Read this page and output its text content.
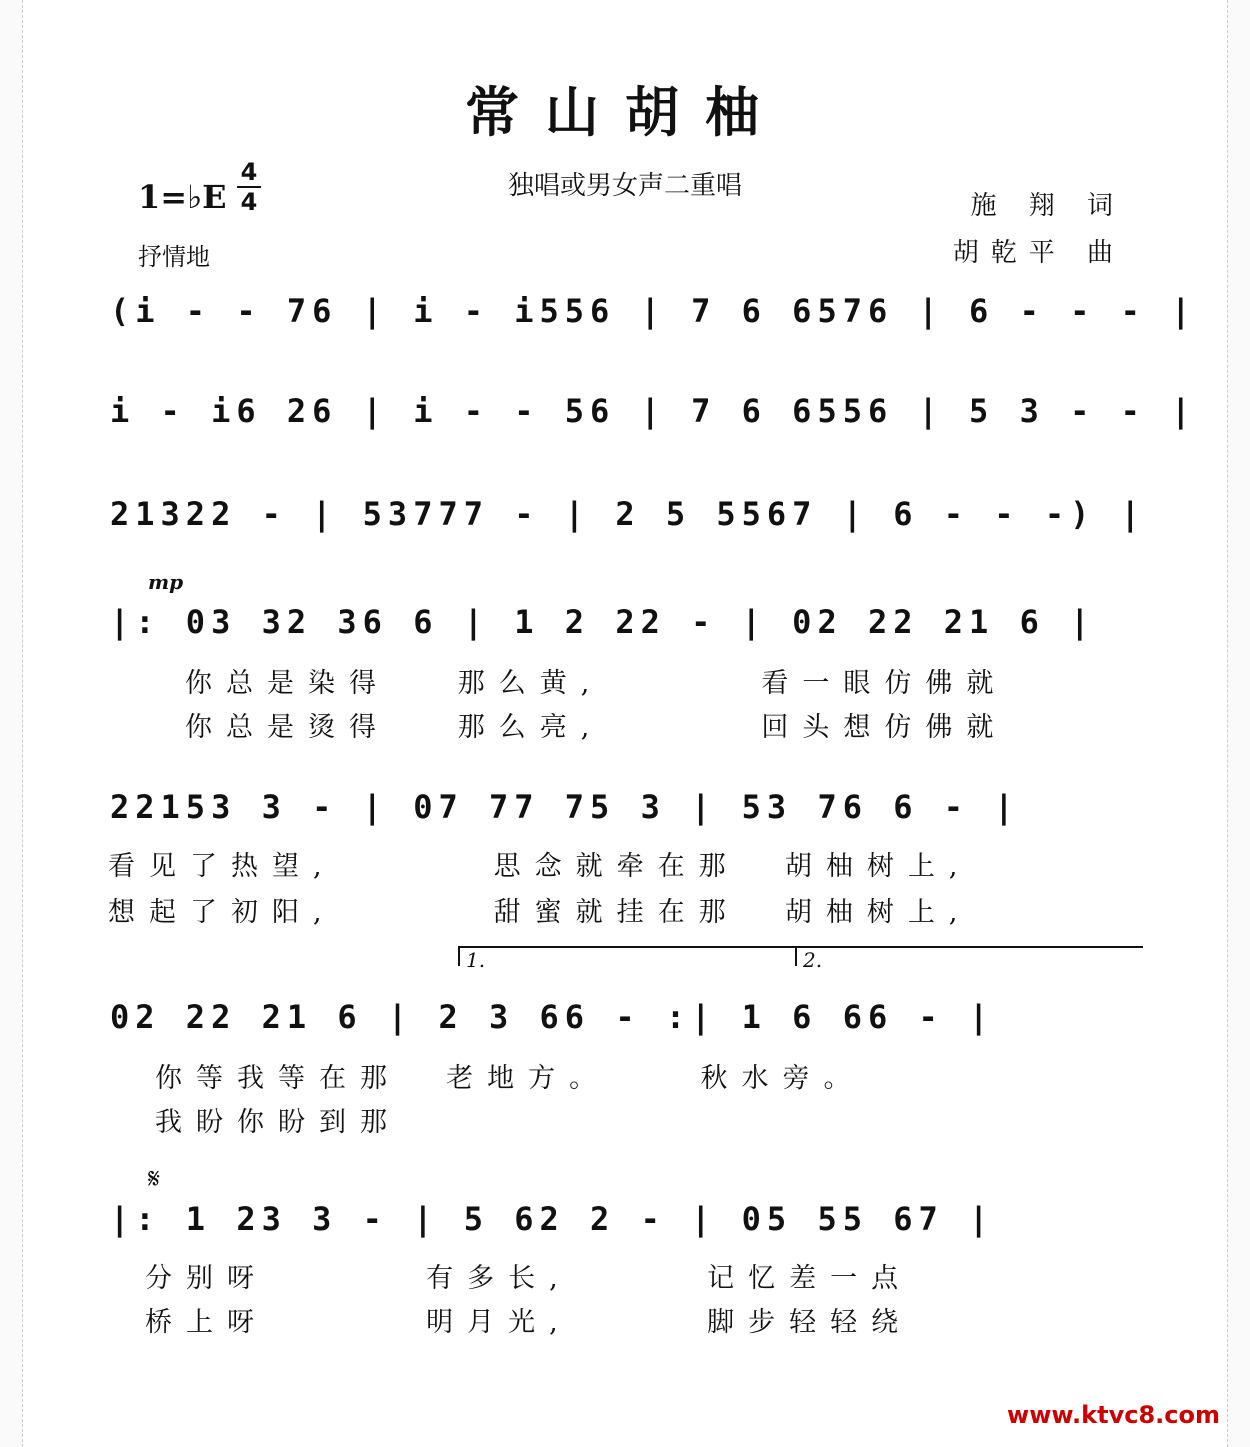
常山胡柚
独唱或男女声二重唱
1=♭E
4
4
抒情地
施 翔 词
胡乾平 曲
(i - - 76 | i - i556 | 7 6 6576 | 6 - - - |
i - i6 26 | i - - 56 | 7 6 6556 | 5 3 - - |
21322 - | 53777 - | 2 5 5567 | 6 - - -) |
mp
|: 03 32 36 6 | 1 2 22 - | 02 22 21 6 |
你总是染得   那么黄,       看一眼仿佛就
你总是烫得   那么亮,       回头想仿佛就
22153 3 - | 07 77 75 3 | 53 76 6 - |
看见了热望,       思念就牵在那  胡柚树上,
想起了初阳,       甜蜜就挂在那  胡柚树上,
1.	2.
02 22 21 6 | 2 3 66 - :| 1 6 66 - |
你等我等在那  老地方。    秋水旁。
我盼你盼到那
𝄋
|: 1 23 3 - | 5 62 2 - | 05 55 67 |
分别呀       有多长,      记忆差一点
桥上呀       明月光,      脚步轻轻绕
www.ktvc8.com
